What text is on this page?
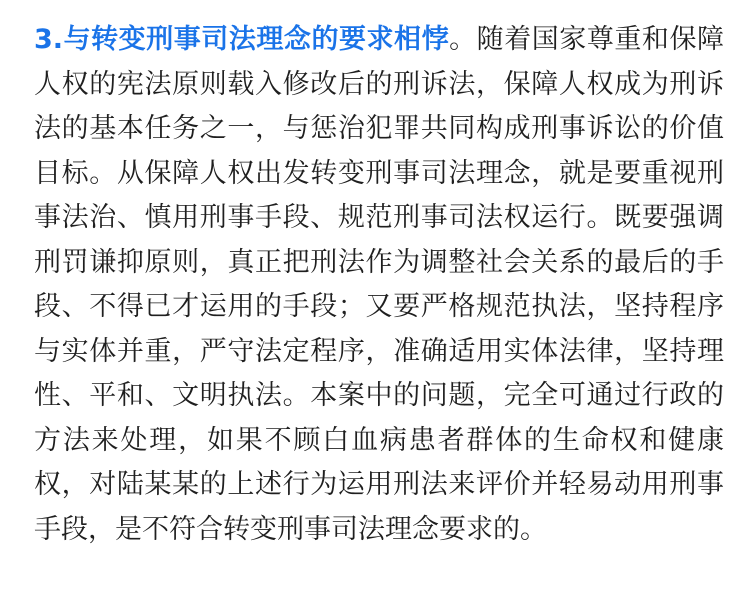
3.与转变刑事司法理念的要求相悖。随着国家尊重和保障
人权的宪法原则载入修改后的刑诉法，保障人权成为刑诉
法的基本任务之一，与惩治犯罪共同构成刑事诉讼的价值
目标。从保障人权出发转变刑事司法理念，就是要重视刑
事法治、慎用刑事手段、规范刑事司法权运行。既要强调
刑罚谦抑原则，真正把刑法作为调整社会关系的最后的手
段、不得已才运用的手段；又要严格规范执法，坚持程序
与实体并重，严守法定程序，准确适用实体法律，坚持理
性、平和、文明执法。本案中的问题，完全可通过行政的
方法来处理，如果不顾白血病患者群体的生命权和健康
权，对陆某某的上述行为运用刑法来评价并轻易动用刑事
手段，是不符合转变刑事司法理念要求的。
